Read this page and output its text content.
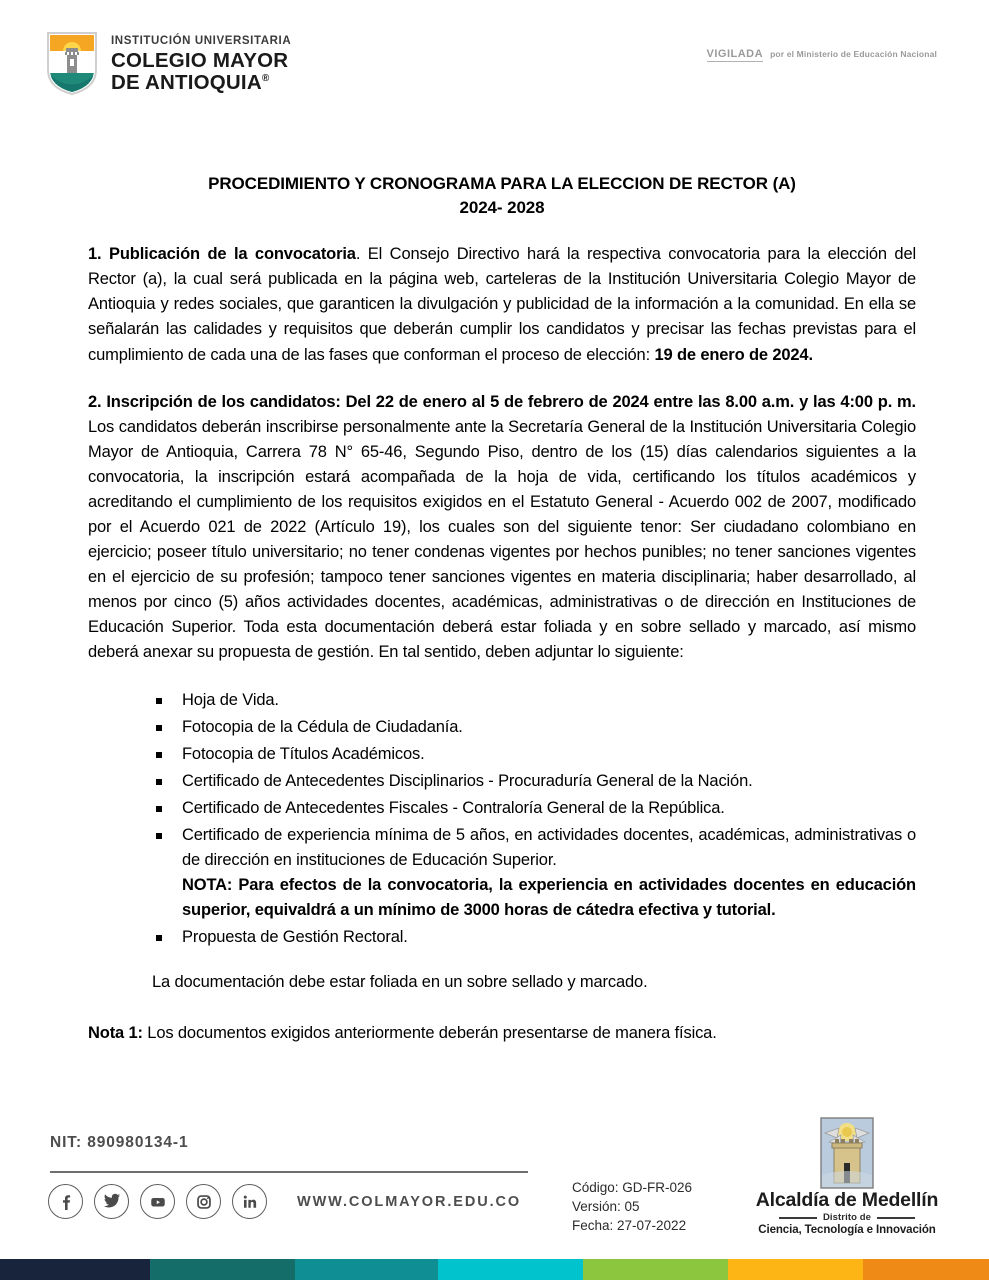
INSTITUCIÓN UNIVERSITARIA
COLEGIO MAYOR
DE ANTIOQUIA®
VIGILADA por el Ministerio de Educación Nacional
PROCEDIMIENTO Y CRONOGRAMA PARA LA ELECCION DE RECTOR (A)
2024- 2028

1. Publicación de la convocatoria. El Consejo Directivo hará la respectiva convocatoria para la elección del Rector (a), la cual será publicada en la página web, carteleras de la Institución Universitaria Colegio Mayor de Antioquia y redes sociales, que garanticen la divulgación y publicidad de la información a la comunidad. En ella se señalarán las calidades y requisitos que deberán cumplir los candidatos y precisar las fechas previstas para el cumplimiento de cada una de las fases que conforman el proceso de elección: 19 de enero de 2024.

2. Inscripción de los candidatos: Del 22 de enero al 5 de febrero de 2024 entre las 8.00 a.m. y las 4:00 p. m. Los candidatos deberán inscribirse personalmente ante la Secretaría General de la Institución Universitaria Colegio Mayor de Antioquia, Carrera 78 N° 65-46, Segundo Piso, dentro de los (15) días calendarios siguientes a la convocatoria, la inscripción estará acompañada de la hoja de vida, certificando los títulos académicos y acreditando el cumplimiento de los requisitos exigidos en el Estatuto General - Acuerdo 002 de 2007, modificado por el Acuerdo 021 de 2022 (Artículo 19), los cuales son del siguiente tenor: Ser ciudadano colombiano en ejercicio; poseer título universitario; no tener condenas vigentes por hechos punibles; no tener sanciones vigentes en el ejercicio de su profesión; tampoco tener sanciones vigentes en materia disciplinaria; haber desarrollado, al menos por cinco (5) años actividades docentes, académicas, administrativas o de dirección en Instituciones de Educación Superior. Toda esta documentación deberá estar foliada y en sobre sellado y marcado, así mismo deberá anexar su propuesta de gestión. En tal sentido, deben adjuntar lo siguiente:

Hoja de Vida.
Fotocopia de la Cédula de Ciudadanía.
Fotocopia de Títulos Académicos.
Certificado de Antecedentes Disciplinarios - Procuraduría General de la Nación.
Certificado de Antecedentes Fiscales - Contraloría General de la República.
Certificado de experiencia mínima de 5 años, en actividades docentes, académicas, administrativas o de dirección en instituciones de Educación Superior.
NOTA: Para efectos de la convocatoria, la experiencia en actividades docentes en educación superior, equivaldrá a un mínimo de 3000 horas de cátedra efectiva y tutorial.
Propuesta de Gestión Rectoral.

La documentación debe estar foliada en un sobre sellado y marcado.

Nota 1: Los documentos exigidos anteriormente deberán presentarse de manera física.

NIT: 890980134-1
WWW.COLMAYOR.EDU.CO
Código: GD-FR-026
Versión: 05
Fecha: 27-07-2022
Alcaldía de Medellín
Distrito de
Ciencia, Tecnología e Innovación
